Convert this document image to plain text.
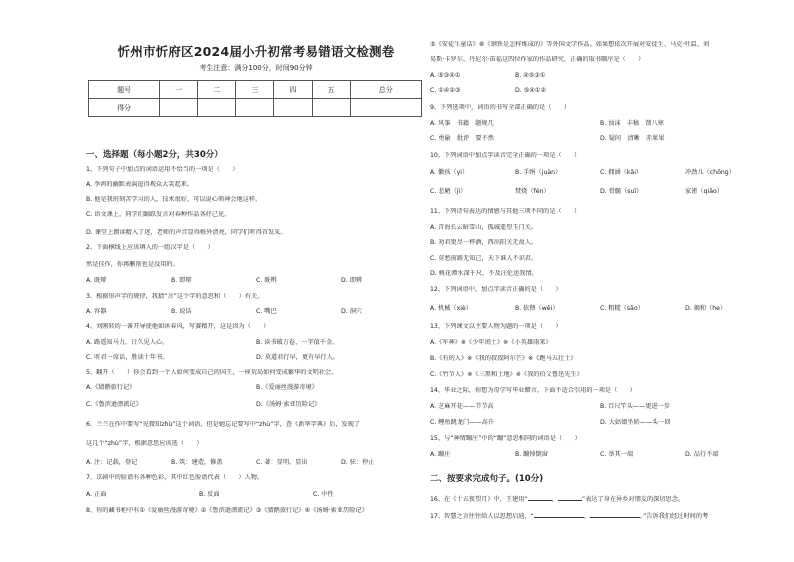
忻州市忻府区2024届小升初常考易错语文检测卷
考生注意：满分100分，时间90分钟
题号	一	二	三	四	五	总分
得分						
一、选择题（每小题2分，共30分）
1、下列句子中加点的词语运用不恰当的一项是（　　）
A. 李鸿的幽默表演逗得观众大笑起来。
B. 他是我班刻苦学习的人，技术很好，可以说心领神会地这样。
C. 语文课上，同学们踊跃发言对春种作品各抒己见。
D. 课堂上朗读精入了迷，老师的声音显得格外清亮，同学们听得首发采。
2、下面横线上应该填入的一组汉字是（　　）
然是佳作，你再删削也是没用的。
A. 既辩	B. 即辩	C. 既辨	D. 即辨
3、根据形声字的规律，我猜“言”这个字的意思和（　　）有关。
A. 容器	B. 说话	C. 嘴巴	D. 洞穴
4、刘刚转的一番开导使他如沐春风，写赛精开，这是因为（　　）
A. 路遥知马力，日久见人心。	B. 读书破万卷，一字值千金。
C. 听君一席话，胜读十年书。	D. 莫道君行早，更有早行人。
5、翻开（　　）你会看到一个人如何变成自己的国王，一座荒岛如何变成繁华的文明社会。
A.《猜鹅旅行记》	B.《爱丽丝漫游奇境》
C.《鲁滨逊漂流记》	D.《汤姆·索亚历险记》
6、兰兰在作中要写“见微知zhù”这个词语，但是她忘记要写中“zhù”字，查《新华字典》后，发现了
这几个“zhù”字，根据意思应该选（　　）
A. 注：记载，登记	B. 筑：建造，修盖	C. 著：显明，显出	D. 驻：停止
7、京剧中的脸谱有各种色彩，其中红色脸谱代表（　　）人物。
A. 正面	B. 反面	C. 中性
8、你的藏书柜中有①《爱丽丝漫游奇境》②《鲁滨逊漂流记》③《猜鹅旅行记》④《汤姆·索亚历险记》
⑤《安徒生童话》⑥《钢铁是怎样炼成的》等外国文学作品。如果想依次开展对安徒生、马克·吐温、刘
易斯·卡罗尔、丹尼尔·笛福这四位作家的作品研究，正确的取书顺序是（　　）
A. ⑤③④①	B. ④⑤③①
C. ①④②③	D. ⑤④①②
9、下列选项中，词语的书写全部正确的是（　　）
A. 风筝　书籍　题规几	B. 浊沫　丰稿　馈八寒
C. 勇偷　批评　要不然	D. 疑问　清晰　赤果果
10、下列词语中加点字读音完全正确的一项是（　　）
A. 徽孩（yì）	B. 手绢（juàn）	C. 拥涵（kǎi）	冲劲儿（chōng）
C. 悲陋（jì）	焚烧（fén）	D. 骨髓（suǐ）	家雀（qiǎo）
11、下列诗句表达的情感与其他三项不同的是（　　）
A. 青海长云暗雪山，孤城遥望玉门关。
B. 劝君更尽一杯酒，西出阳关无故人。
C. 莫愁前路无知己，天下谁人不识君。
D. 桃花潭水深千尺，不及汪伦送我情。
12、下列词语中，加点字读音正确的是（　　）
A. 机械（xiè）	B. 依偎（wēi）	C. 粗糙（sāo）	D. 揭和（he）
13、下列课文以主要人物为题的一项是（　　）
A.《军神》※《少年闰土》※《小英雄雨来》
B.《有的人》※《我的叔叔阿尔芒》※《跑马五壮士》
C.《竹节人》※《三黑和土地》※《我的伯父鲁迅先生》
14、毕业之际，你想为母学写毕业赠言，下面不适合引用的一项是（　　）
A. 芝麻开花——节节高	B. 百尺竿头——更进一步
C. 鲤鱼跳龙门——高升	D. 大姑娘坐轿——头一回
15、与“神情蹦庄”中的“蹦”意思相同的词语是（　　）
A. 蹦庄	B. 蹦悼倒窗	C. 举其一端	D. 品行不端
二、按要求完成句子。(10分)
16、在《十五夜望月》中，王建用“	，	”表达了身在异乡对朋友的深切思念。
17、智慧之言往往给人以思想启迪，“	，	。”告诉我们经过时间的考
